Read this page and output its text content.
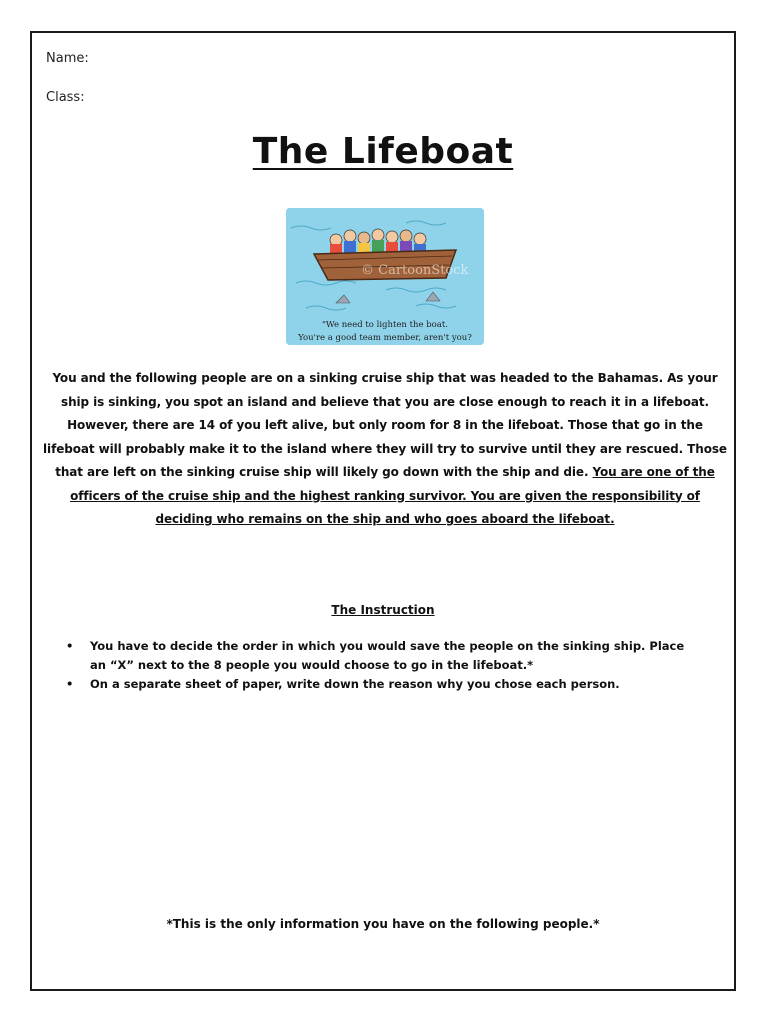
Name:
Class:
The Lifeboat
© CartoonStock
"We need to lighten the boat.
You're a good team member, aren't you?
You and the following people are on a sinking cruise ship that was headed to the Bahamas. As your ship is sinking, you spot an island and believe that you are close enough to reach it in a lifeboat. However, there are 14 of you left alive, but only room for 8 in the lifeboat. Those that go in the lifeboat will probably make it to the island where they will try to survive until they are rescued. Those that are left on the sinking cruise ship will likely go down with the ship and die. You are one of the officers of the cruise ship and the highest ranking survivor. You are given the responsibility of deciding who remains on the ship and who goes aboard the lifeboat.
The Instruction
• You have to decide the order in which you would save the people on the sinking ship. Place an “X” next to the 8 people you would choose to go in the lifeboat.*
• On a separate sheet of paper, write down the reason why you chose each person.
*This is the only information you have on the following people.*
